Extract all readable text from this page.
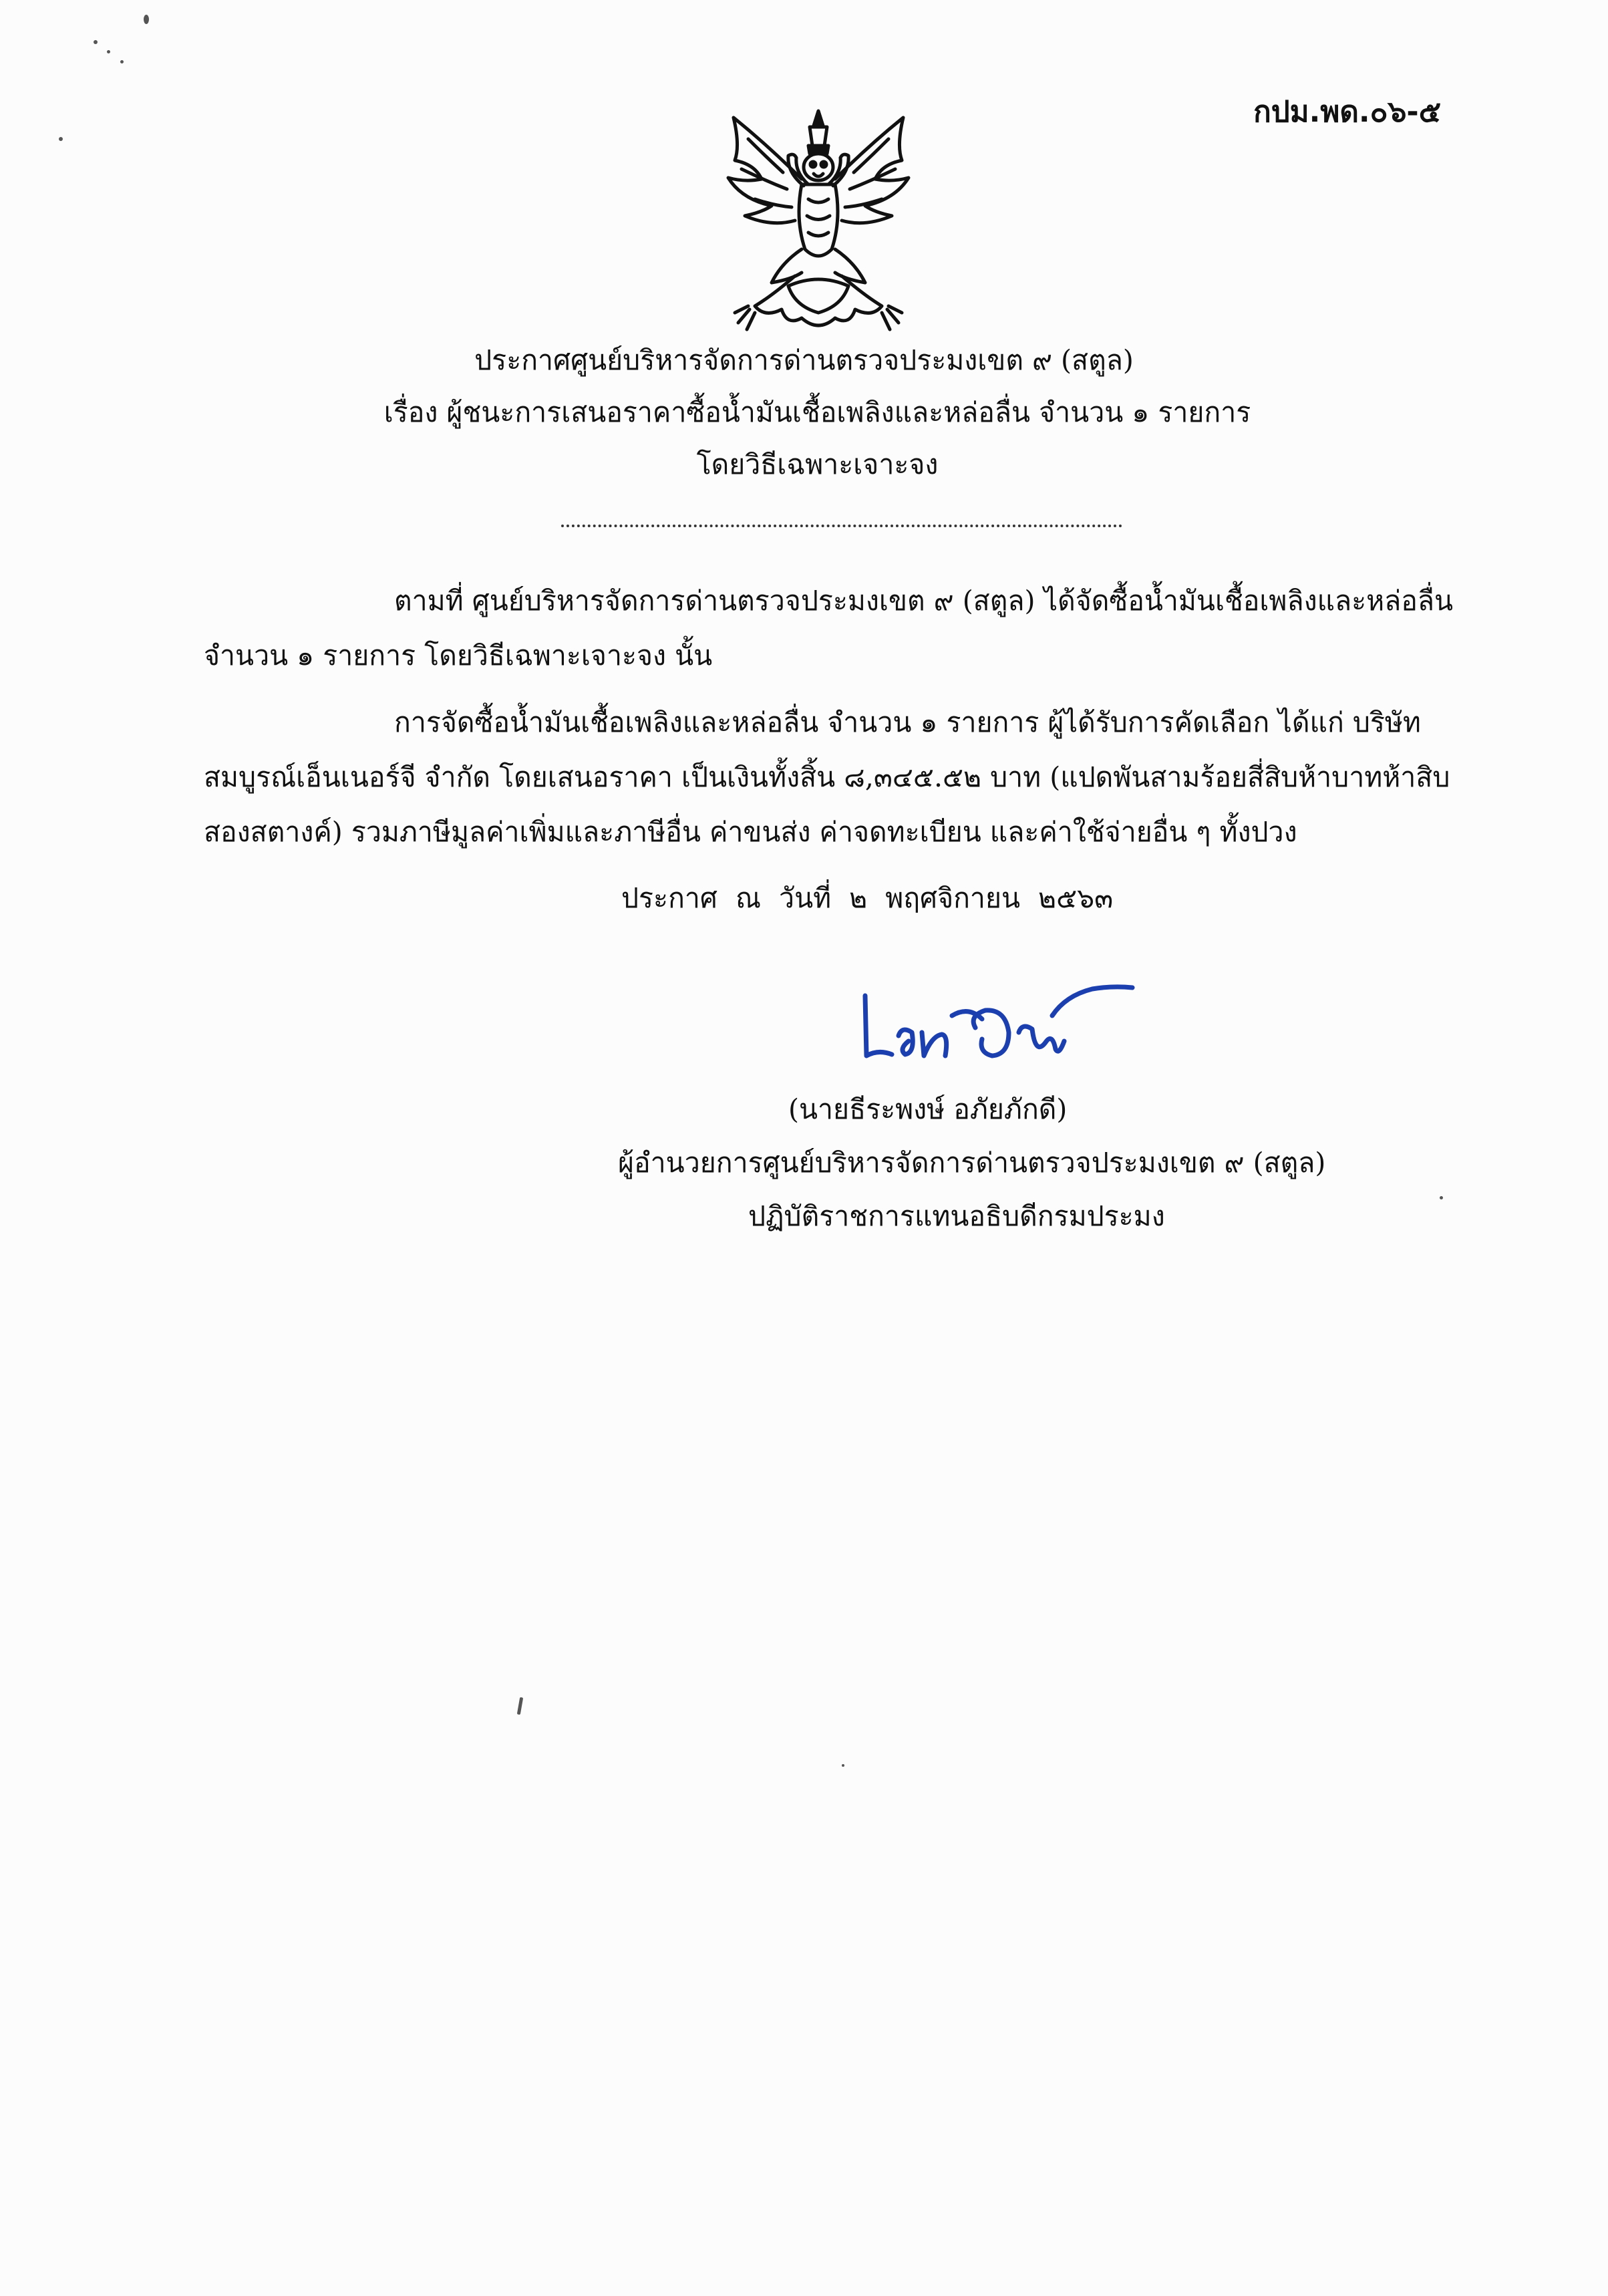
กปม.พด.๐๖-๕
ประกาศศูนย์บริหารจัดการด่านตรวจประมงเขต ๙ (สตูล)
เรื่อง ผู้ชนะการเสนอราคาซื้อน้ำมันเชื้อเพลิงและหล่อลื่น จำนวน ๑ รายการ
โดยวิธีเฉพาะเจาะจง
ตามที่ ศูนย์บริหารจัดการด่านตรวจประมงเขต ๙ (สตูล) ได้จัดซื้อน้ำมันเชื้อเพลิงและหล่อลื่น
จำนวน ๑ รายการ โดยวิธีเฉพาะเจาะจง นั้น
การจัดซื้อน้ำมันเชื้อเพลิงและหล่อลื่น จำนวน ๑ รายการ ผู้ได้รับการคัดเลือก ได้แก่ บริษัท
สมบูรณ์เอ็นเนอร์จี จำกัด โดยเสนอราคา เป็นเงินทั้งสิ้น ๘,๓๔๕.๕๒ บาท (แปดพันสามร้อยสี่สิบห้าบาทห้าสิบ
สองสตางค์) รวมภาษีมูลค่าเพิ่มและภาษีอื่น ค่าขนส่ง ค่าจดทะเบียน และค่าใช้จ่ายอื่น ๆ ทั้งปวง
ประกาศ ณ วันที่ ๒ พฤศจิกายน ๒๕๖๓
(นายธีระพงษ์ อภัยภักดี)
ผู้อำนวยการศูนย์บริหารจัดการด่านตรวจประมงเขต ๙ (สตูล)
ปฏิบัติราชการแทนอธิบดีกรมประมง
